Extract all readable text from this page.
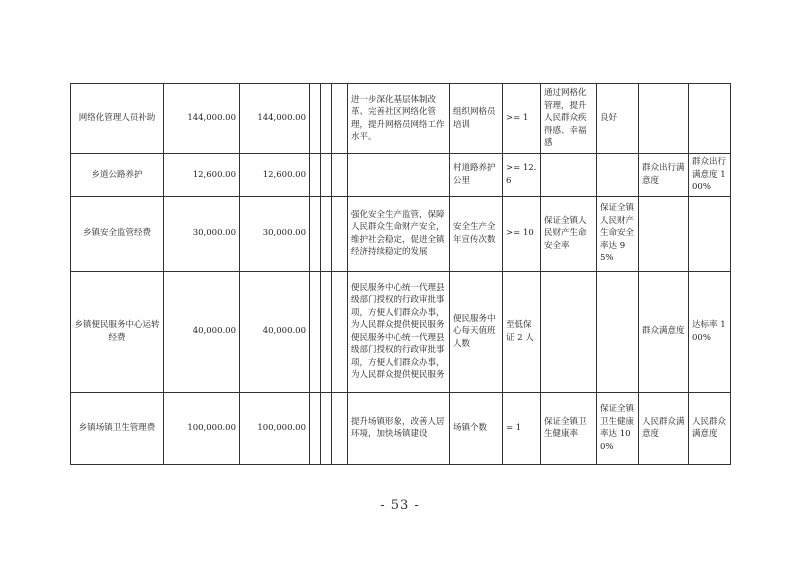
网络化管理人员补助	144,000.00	144,000.00				进一步深化基层体制改革、完善社区网络化管理，提升网格员网络工作水平。	组织网格员培训	>= 1	通过网格化管理，提升人民群众疾得感、幸福感	良好		
乡道公路养护	12,600.00	12,600.00					村道路养护公里	>= 12.6			群众出行满意度	群众出行满意度 100%
乡镇安全监管经费	30,000.00	30,000.00				强化安全生产监管，保障人民群众生命财产安全，维护社会稳定，促进全镇经济持续稳定的发展	安全生产全年宣传次数	>= 10	保证全镇人民财产生命安全率	保证全镇人民财产生命安全率达 95%		
乡镇便民服务中心运转经费	40,000.00	40,000.00				便民服务中心统一代理县级部门授权的行政审批事项，方便人们群众办事，为人民群众提供便民服务便民服务中心统一代理县级部门授权的行政审批事项，方便人们群众办事，为人民群众提供便民服务	便民服务中心每天值班人数	至低保证 2 人			群众满意度	达标率 100%
乡镇场镇卫生管理费	100,000.00	100,000.00				提升场镇形象，改善人居环境，加快场镇建设	场镇个数	= 1	保证全镇卫生健康率	保证全镇卫生健康率达 100%	人民群众满意度	人民群众满意度
- 53 -
